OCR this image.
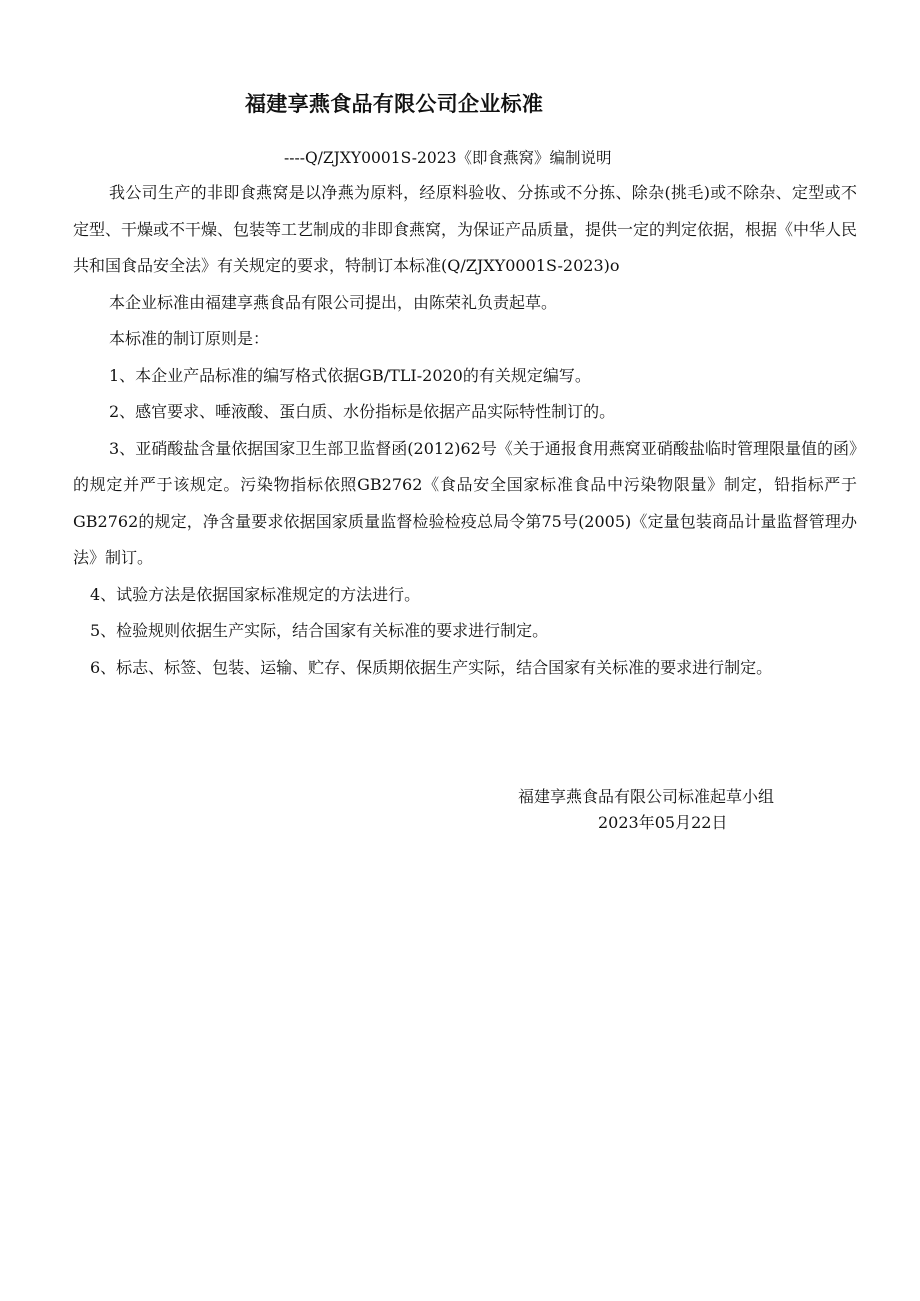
福建享燕食品有限公司企业标准
----Q/ZJXY0001S-2023《即食燕窝》编制说明

我公司生产的非即食燕窝是以净燕为原料，经原料验收、分拣或不分拣、除杂(挑毛)或不除杂、定型或不定型、干燥或不干燥、包装等工艺制成的非即食燕窝，为保证产品质量，提供一定的判定依据，根据《中华人民共和国食品安全法》有关规定的要求，特制订本标准(Q/ZJXY0001S-2023)o

本企业标准由福建享燕食品有限公司提出，由陈荣礼负责起草。

本标准的制订原则是：

1、本企业产品标准的编写格式依据GB/TLI-2020的有关规定编写。

2、感官要求、唾液酸、蛋白质、水份指标是依据产品实际特性制订的。

3、亚硝酸盐含量依据国家卫生部卫监督函(2012)62号《关于通报食用燕窝亚硝酸盐临时管理限量值的函》的规定并严于该规定。污染物指标依照GB2762《食品安全国家标准食品中污染物限量》制定，铅指标严于GB2762的规定，净含量要求依据国家质量监督检验检疫总局令第75号(2005)《定量包装商品计量监督管理办法》制订。

4、试验方法是依据国家标准规定的方法进行。

5、检验规则依据生产实际，结合国家有关标准的要求进行制定。

6、标志、标签、包装、运输、贮存、保质期依据生产实际，结合国家有关标准的要求进行制定。

福建享燕食品有限公司标准起草小组
2023年05月22日
